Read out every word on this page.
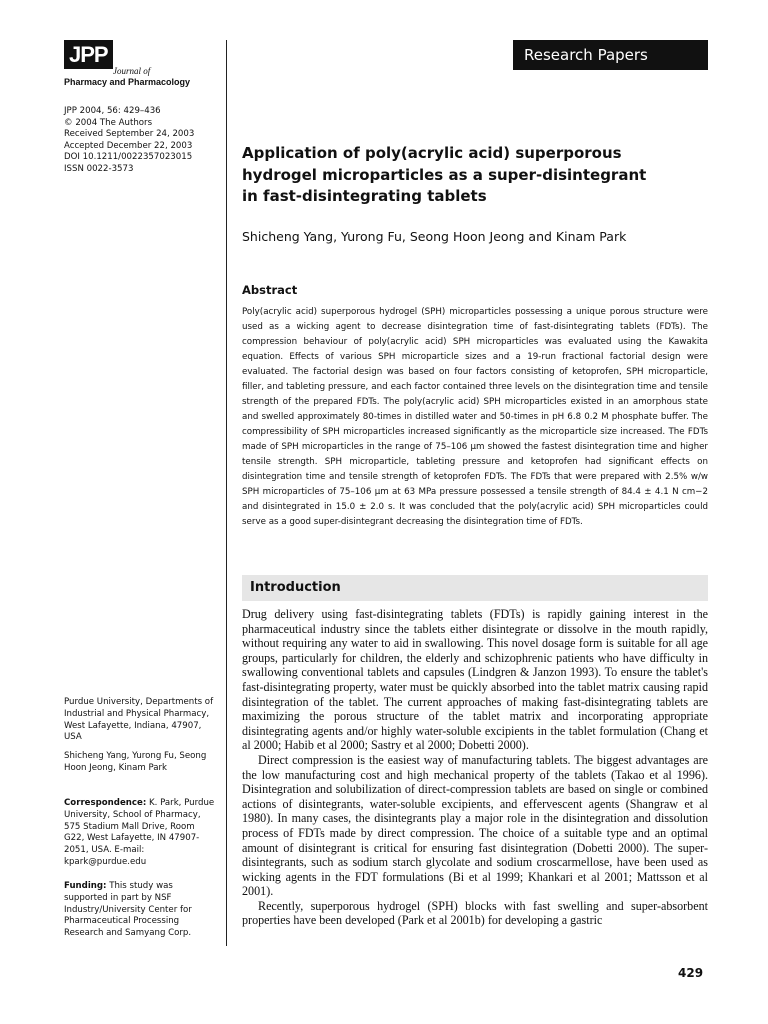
JPP
Journal of
Pharmacy and Pharmacology
Research Papers
JPP 2004, 56: 429–436
© 2004 The Authors
Received September 24, 2003
Accepted December 22, 2003
DOI 10.1211/0022357023015
ISSN 0022-3573
Application of poly(acrylic acid) superporous hydrogel microparticles as a super-disintegrant in fast-disintegrating tablets
Shicheng Yang, Yurong Fu, Seong Hoon Jeong and Kinam Park
Abstract
Poly(acrylic acid) superporous hydrogel (SPH) microparticles possessing a unique porous structure were used as a wicking agent to decrease disintegration time of fast-disintegrating tablets (FDTs). The compression behaviour of poly(acrylic acid) SPH microparticles was evaluated using the Kawakita equation. Effects of various SPH microparticle sizes and a 19-run fractional factorial design were evaluated. The factorial design was based on four factors consisting of ketoprofen, SPH microparticle, filler, and tableting pressure, and each factor contained three levels on the disintegration time and tensile strength of the prepared FDTs. The poly(acrylic acid) SPH microparticles existed in an amorphous state and swelled approximately 80-times in distilled water and 50-times in pH 6.8 0.2 M phosphate buffer. The compressibility of SPH microparticles increased significantly as the microparticle size increased. The FDTs made of SPH microparticles in the range of 75–106 μm showed the fastest disintegration time and higher tensile strength. SPH microparticle, tableting pressure and ketoprofen had significant effects on disintegration time and tensile strength of ketoprofen FDTs. The FDTs that were prepared with 2.5% w/w SPH microparticles of 75–106 μm at 63 MPa pressure possessed a tensile strength of 84.4 ± 4.1 N cm−2 and disintegrated in 15.0 ± 2.0 s. It was concluded that the poly(acrylic acid) SPH microparticles could serve as a good super-disintegrant decreasing the disintegration time of FDTs.
Introduction

Drug delivery using fast-disintegrating tablets (FDTs) is rapidly gaining interest in the pharmaceutical industry since the tablets either disintegrate or dissolve in the mouth rapidly, without requiring any water to aid in swallowing. This novel dosage form is suitable for all age groups, particularly for children, the elderly and schizophrenic patients who have difficulty in swallowing conventional tablets and capsules (Lindgren & Janzon 1993). To ensure the tablet's fast-disintegrating property, water must be quickly absorbed into the tablet matrix causing rapid disintegration of the tablet. The current approaches of making fast-disintegrating tablets are maximizing the porous structure of the tablet matrix and incorporating appropriate disintegrating agents and/or highly water-soluble excipients in the tablet formulation (Chang et al 2000; Habib et al 2000; Sastry et al 2000; Dobetti 2000).

Direct compression is the easiest way of manufacturing tablets. The biggest advantages are the low manufacturing cost and high mechanical property of the tablets (Takao et al 1996). Disintegration and solubilization of direct-compression tablets are based on single or combined actions of disintegrants, water-soluble excipients, and effervescent agents (Shangraw et al 1980). In many cases, the disintegrants play a major role in the disintegration and dissolution process of FDTs made by direct compression. The choice of a suitable type and an optimal amount of disintegrant is critical for ensuring fast disintegration (Dobetti 2000). The super-disintegrants, such as sodium starch glycolate and sodium croscarmellose, have been used as wicking agents in the FDT formulations (Bi et al 1999; Khankari et al 2001; Mattsson et al 2001).

Recently, superporous hydrogel (SPH) blocks with fast swelling and super-absorbent properties have been developed (Park et al 2001b) for developing a gastric

Purdue University, Departments of Industrial and Physical Pharmacy, West Lafayette, Indiana, 47907, USA
Shicheng Yang, Yurong Fu, Seong Hoon Jeong, Kinam Park
Correspondence: K. Park, Purdue University, School of Pharmacy, 575 Stadium Mall Drive, Room G22, West Lafayette, IN 47907-2051, USA. E-mail: kpark@purdue.edu
Funding: This study was supported in part by NSF Industry/University Center for Pharmaceutical Processing Research and Samyang Corp.
429
